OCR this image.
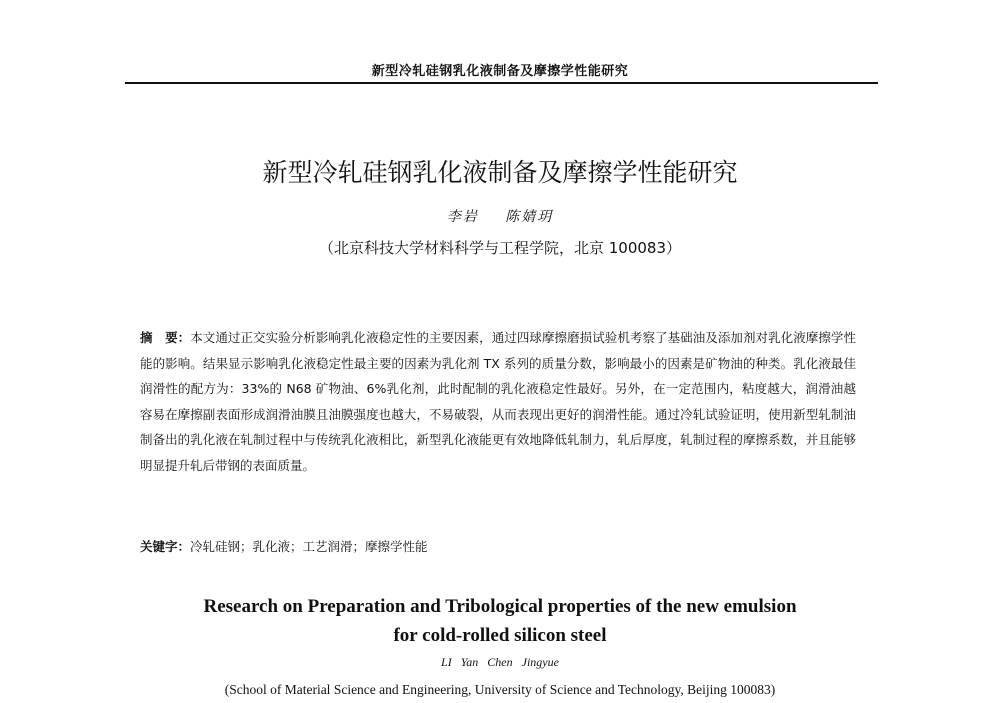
新型冷轧硅钢乳化液制备及摩擦学性能研究
新型冷轧硅钢乳化液制备及摩擦学性能研究
李岩 陈婧玥
（北京科技大学材料科学与工程学院，北京 100083）
摘　要：本文通过正交实验分析影响乳化液稳定性的主要因素，通过四球摩擦磨损试验机考察了基础油及添加剂对乳化液摩擦学性能的影响。结果显示影响乳化液稳定性最主要的因素为乳化剂 TX 系列的质量分数，影响最小的因素是矿物油的种类。乳化液最佳润滑性的配方为：33%的 N68 矿物油、6%乳化剂，此时配制的乳化液稳定性最好。另外，在一定范围内，粘度越大，润滑油越容易在摩擦副表面形成润滑油膜且油膜强度也越大，不易破裂，从而表现出更好的润滑性能。通过冷轧试验证明，使用新型轧制油制备出的乳化液在轧制过程中与传统乳化液相比，新型乳化液能更有效地降低轧制力，轧后厚度，轧制过程的摩擦系数，并且能够明显提升轧后带钢的表面质量。
关键字：冷轧硅钢；乳化液；工艺润滑；摩擦学性能
Research on Preparation and Tribological properties of the new emulsion
for cold-rolled silicon steel
LI Yan Chen Jingyue
(School of Material Science and Engineering, University of Science and Technology, Beijing 100083)
